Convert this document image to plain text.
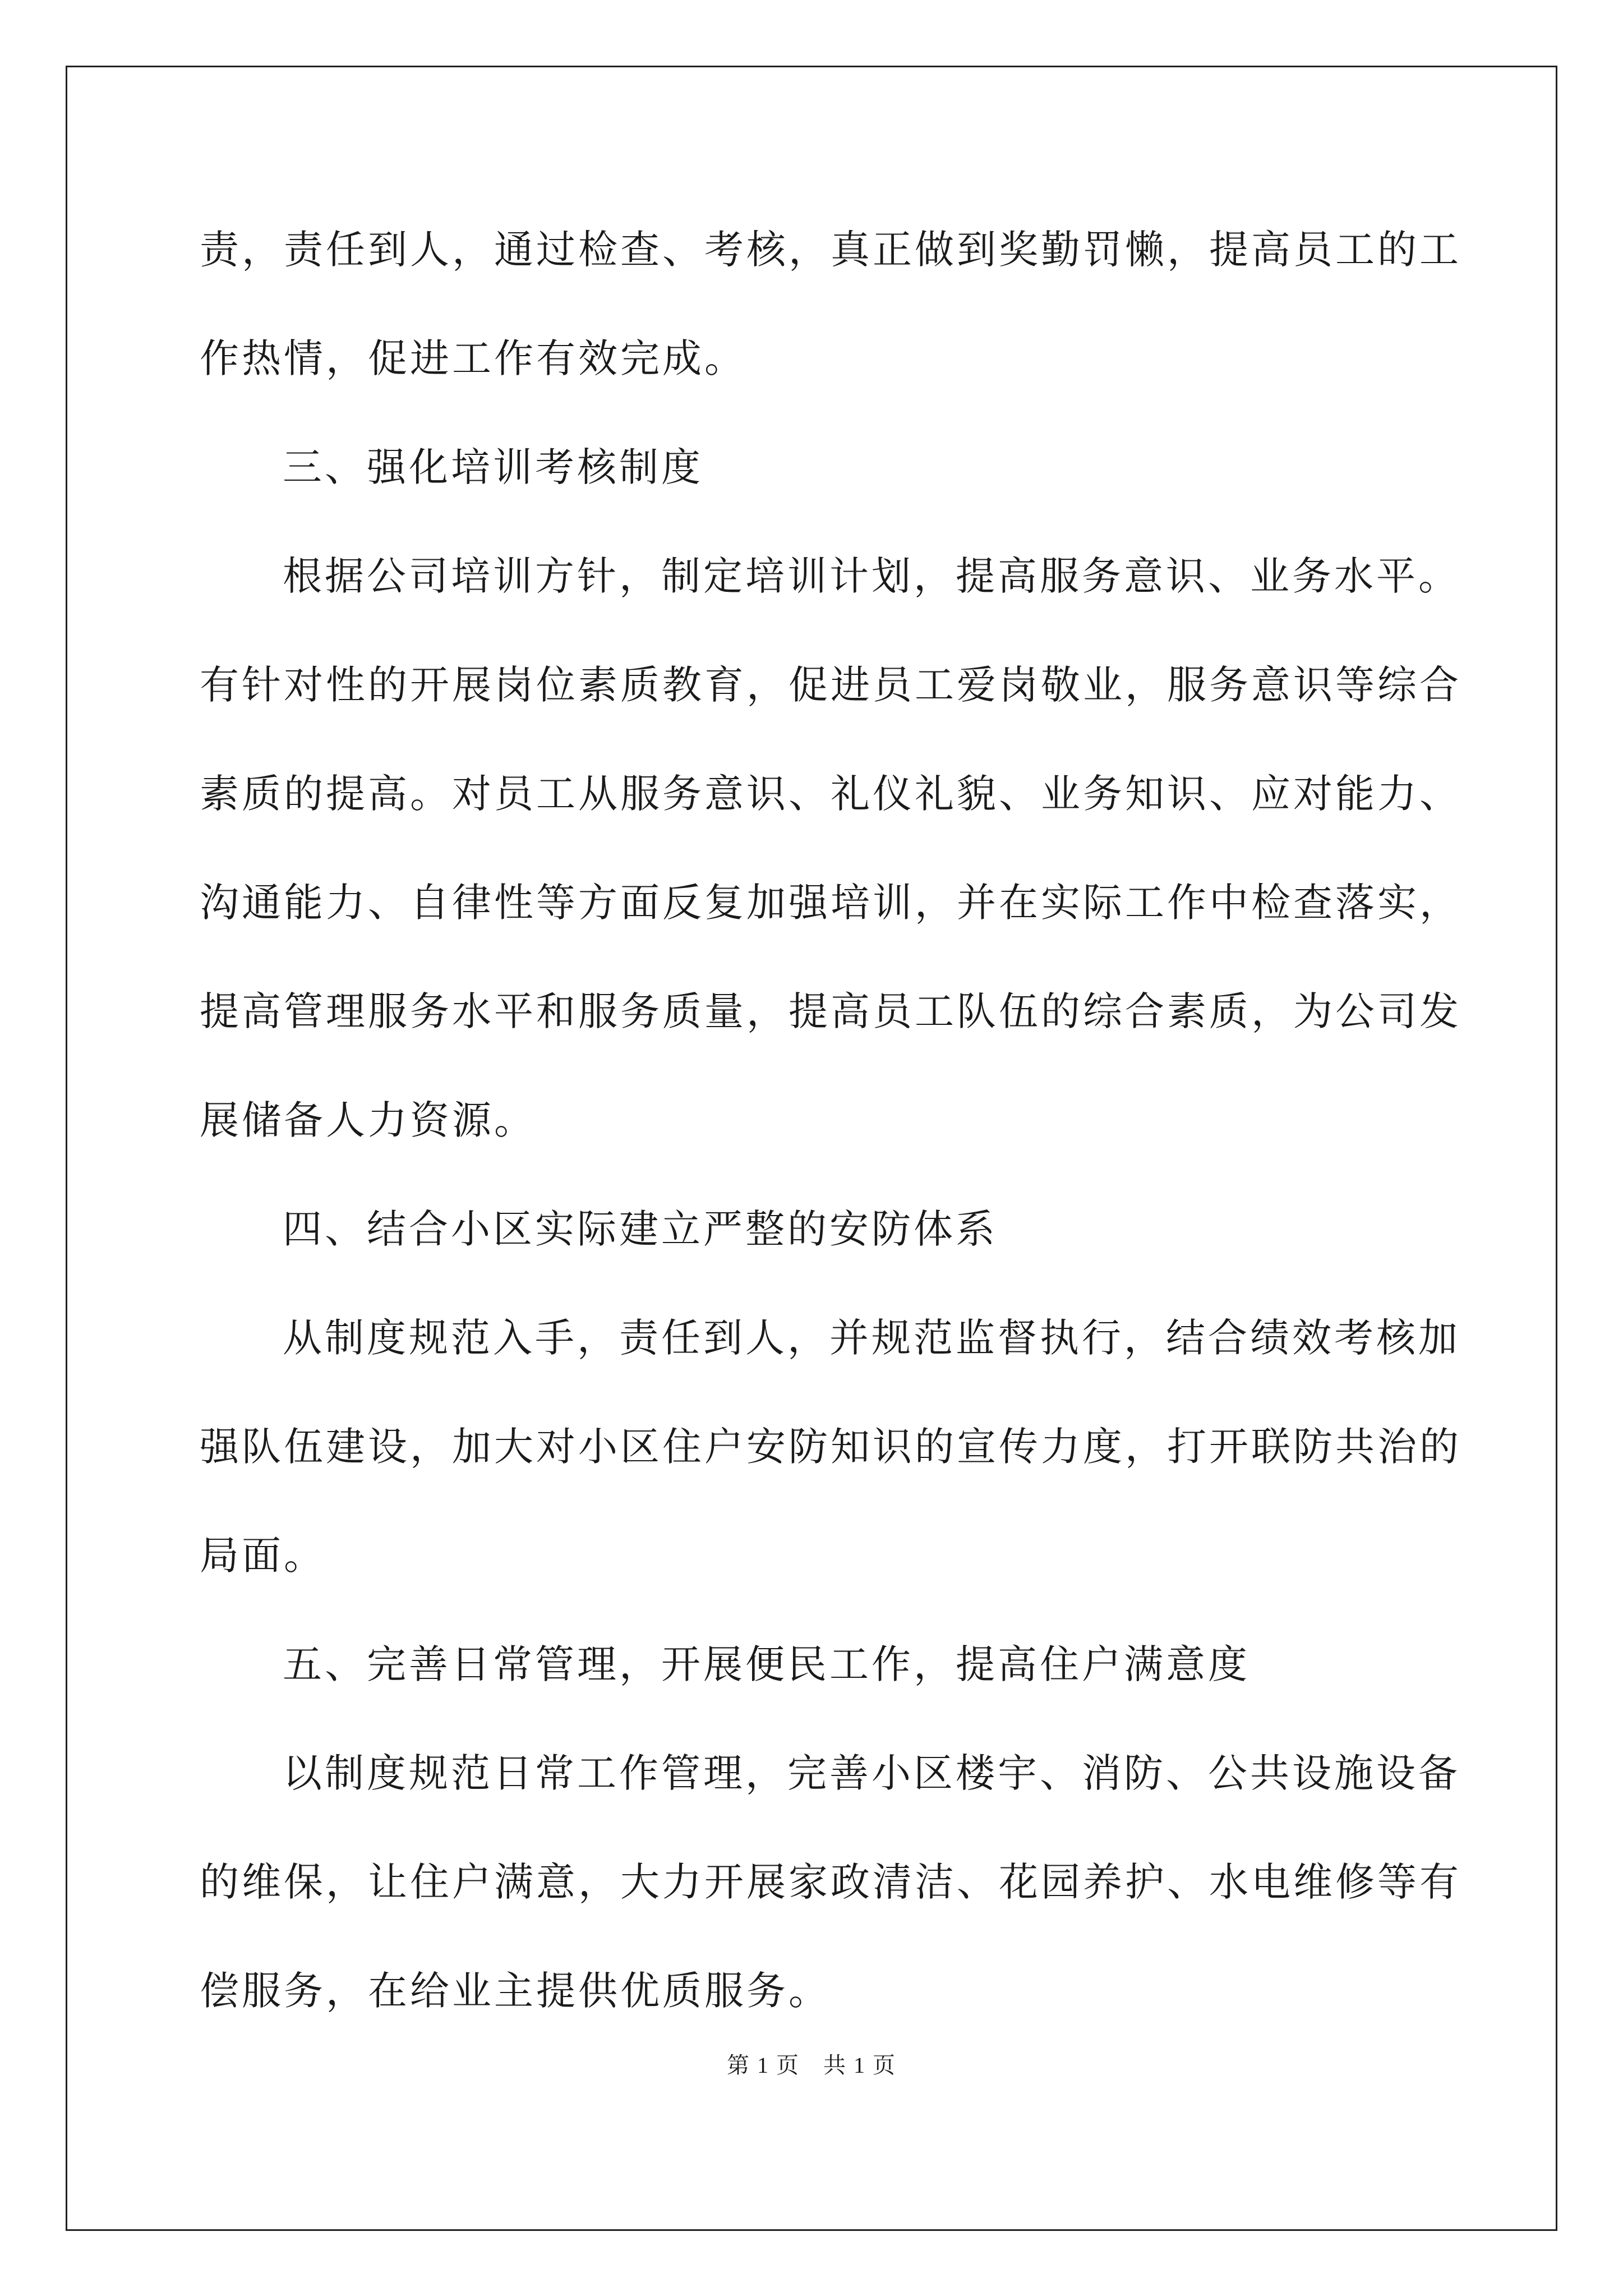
责，责任到人，通过检查、考核，真正做到奖勤罚懒，提高员工的工
作热情，促进工作有效完成。
三、强化培训考核制度
根据公司培训方针，制定培训计划，提高服务意识、业务水平。
有针对性的开展岗位素质教育，促进员工爱岗敬业，服务意识等综合
素质的提高。对员工从服务意识、礼仪礼貌、业务知识、应对能力、
沟通能力、自律性等方面反复加强培训，并在实际工作中检查落实，
提高管理服务水平和服务质量，提高员工队伍的综合素质，为公司发
展储备人力资源。
四、结合小区实际建立严整的安防体系
从制度规范入手，责任到人，并规范监督执行，结合绩效考核加
强队伍建设，加大对小区住户安防知识的宣传力度，打开联防共治的
局面。
五、完善日常管理，开展便民工作，提高住户满意度
以制度规范日常工作管理，完善小区楼宇、消防、公共设施设备
的维保，让住户满意，大力开展家政清洁、花园养护、水电维修等有
偿服务，在给业主提供优质服务。
第 1 页　共 1 页
